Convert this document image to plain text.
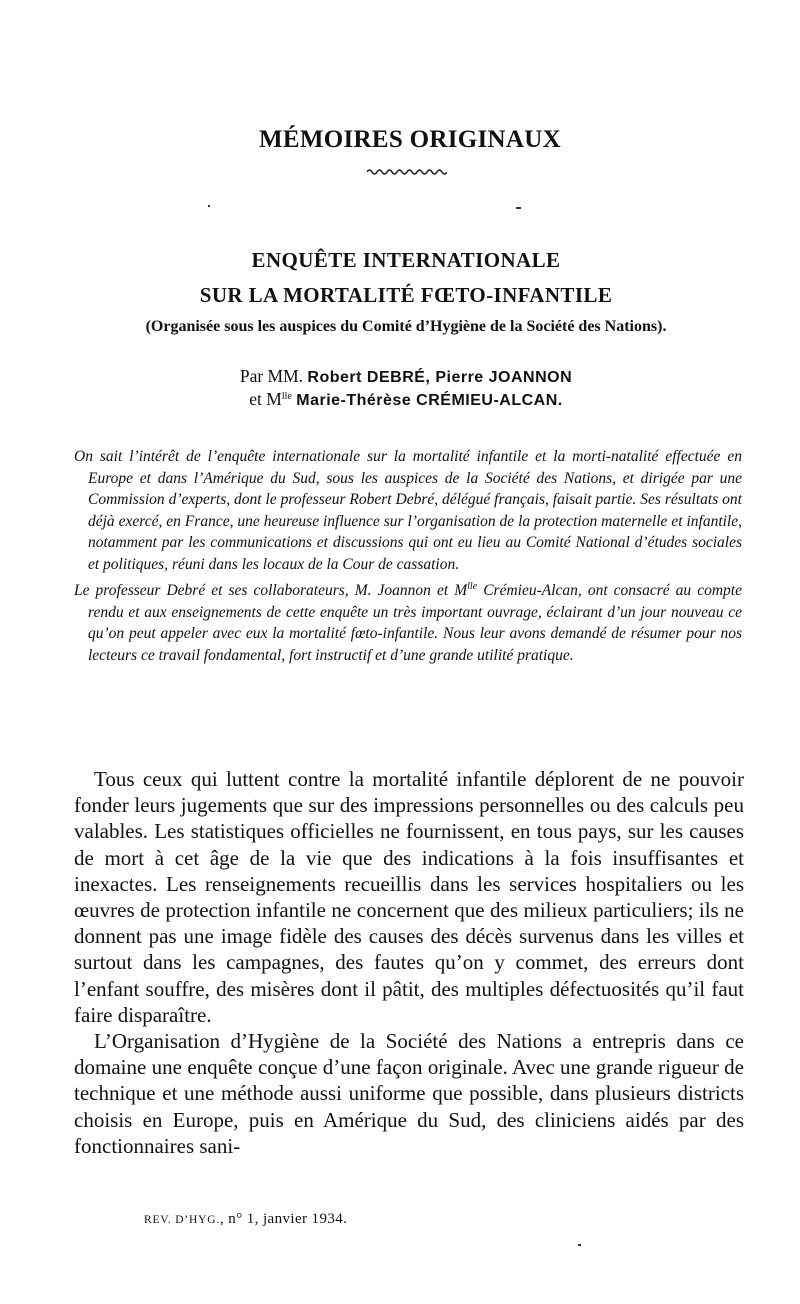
MÉMOIRES ORIGINAUX
ENQUÊTE INTERNATIONALE
SUR LA MORTALITÉ FŒTO-INFANTILE
(Organisée sous les auspices du Comité d’Hygiène de la Société des Nations).
Par MM. Robert DEBRÉ, Pierre JOANNON
et $M^{lle}$ Marie-Thérèse CRÉMIEU-ALCAN.

On sait l’intérêt de l’enquête internationale sur la mortalité infantile et la morti-natalité effectuée en Europe et dans l’Amérique du Sud, sous les auspices de la Société des Nations, et dirigée par une Commission d’experts, dont le professeur Robert Debré, délégué français, faisait partie. Ses résultats ont déjà exercé, en France, une heureuse influence sur l’organisation de la protection maternelle et infantile, notamment par les communications et discussions qui ont eu lieu au Comité National d’études sociales et politiques, réuni dans les locaux de la Cour de cassation.

Le professeur Debré et ses collaborateurs, M. Joannon et $M^{lle}$ Crémieu-Alcan, ont consacré au compte rendu et aux enseignements de cette enquête un très important ouvrage, éclairant d’un jour nouveau ce qu’on peut appeler avec eux la mortalité fœto-infantile. Nous leur avons demandé de résumer pour nos lecteurs ce travail fondamental, fort instructif et d’une grande utilité pratique.

Tous ceux qui luttent contre la mortalité infantile déplorent de ne pouvoir fonder leurs jugements que sur des impressions personnelles ou des calculs peu valables. Les statistiques officielles ne fournissent, en tous pays, sur les causes de mort à cet âge de la vie que des indications à la fois insuffisantes et inexactes. Les renseignements recueillis dans les services hospitaliers ou les œuvres de protection infantile ne concernent que des milieux particuliers; ils ne donnent pas une image fidèle des causes des décès survenus dans les villes et surtout dans les campagnes, des fautes qu’on y commet, des erreurs dont l’enfant souffre, des misères dont il pâtit, des multiples défectuosités qu’il faut faire disparaître.

L’Organisation d’Hygiène de la Société des Nations a entrepris dans ce domaine une enquête conçue d’une façon originale. Avec une grande rigueur de technique et une méthode aussi uniforme que possible, dans plusieurs districts choisis en Europe, puis en Amérique du Sud, des cliniciens aidés par des fonctionnaires sani-

REV. D’HYG., n° 1, janvier 1934.
